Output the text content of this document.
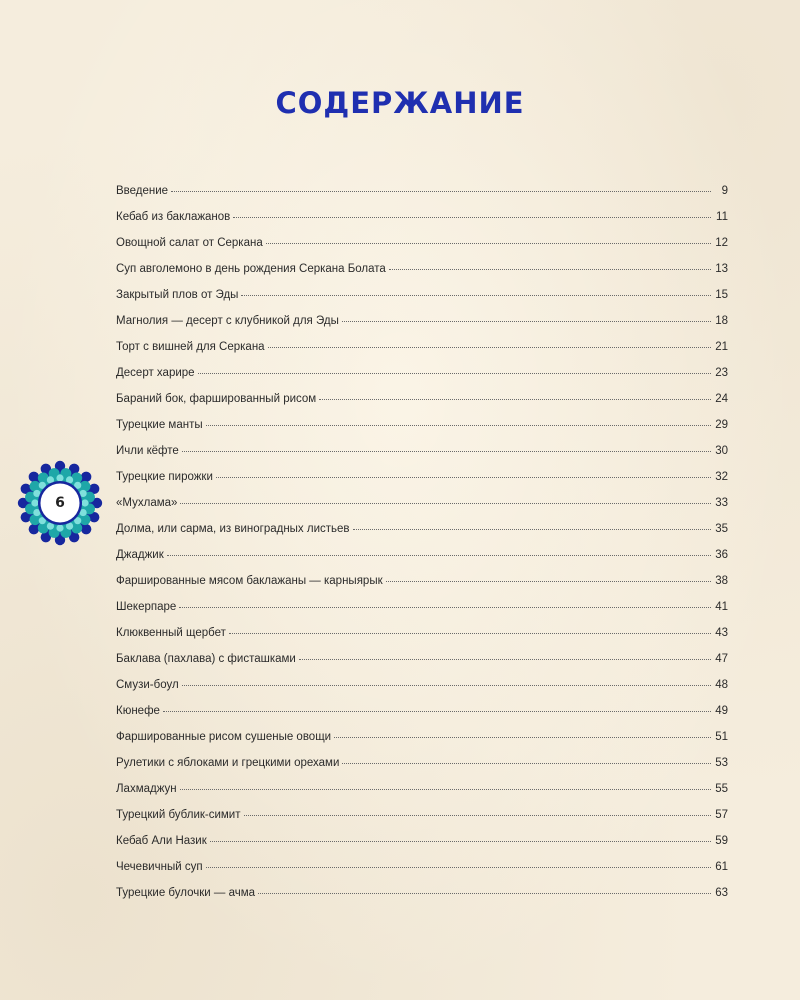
СОДЕРЖАНИЕ
Введение	9
Кебаб из баклажанов	11
Овощной салат от Серкана	12
Суп авголемоно в день рождения Серкана Болата	13
Закрытый плов от Эды	15
Магнолия — десерт с клубникой для Эды	18
Торт с вишней для Серкана	21
Десерт харире	23
Бараний бок, фаршированный рисом	24
Турецкие манты	29
Ичли кёфте	30
Турецкие пирожки	32
«Мухлама»	33
Долма, или сарма, из виноградных листьев	35
Джаджик	36
Фаршированные мясом баклажаны — карныярык	38
Шекерпаре	41
Клюквенный щербет	43
Баклава (пахлава) с фисташками	47
Смузи-боул	48
Кюнефе	49
Фаршированные рисом сушеные овощи	51
Рулетики с яблоками и грецкими орехами	53
Лахмаджун	55
Турецкий бублик-симит	57
Кебаб Али Назик	59
Чечевичный суп	61
Турецкие булочки — ачма	63
6
